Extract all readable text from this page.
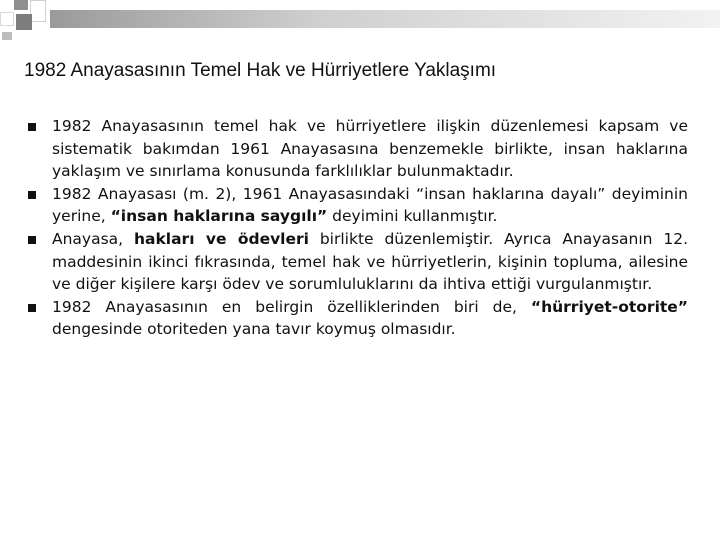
1982 Anayasasının Temel Hak ve Hürriyetlere Yaklaşımı
1982 Anayasasının temel hak ve hürriyetlere ilişkin düzenlemesi kapsam ve sistematik bakımdan 1961 Anayasasına benzemekle birlikte, insan haklarına yaklaşım ve sınırlama konusunda farklılıklar bulunmaktadır.
1982 Anayasası (m. 2), 1961 Anayasasındaki “insan haklarına dayalı” deyiminin yerine, “insan haklarına saygılı” deyimini kullanmıştır.
Anayasa, hakları ve ödevleri birlikte düzenlemiştir. Ayrıca Anayasanın 12. maddesinin ikinci fıkrasında, temel hak ve hürriyetlerin, kişinin topluma, ailesine ve diğer kişilere karşı ödev ve sorumluluklarını da ihtiva ettiği vurgulanmıştır.
1982 Anayasasının en belirgin özelliklerinden biri de, “hürriyet-otorite” dengesinde otoriteden yana tavır koymuş olmasıdır.
